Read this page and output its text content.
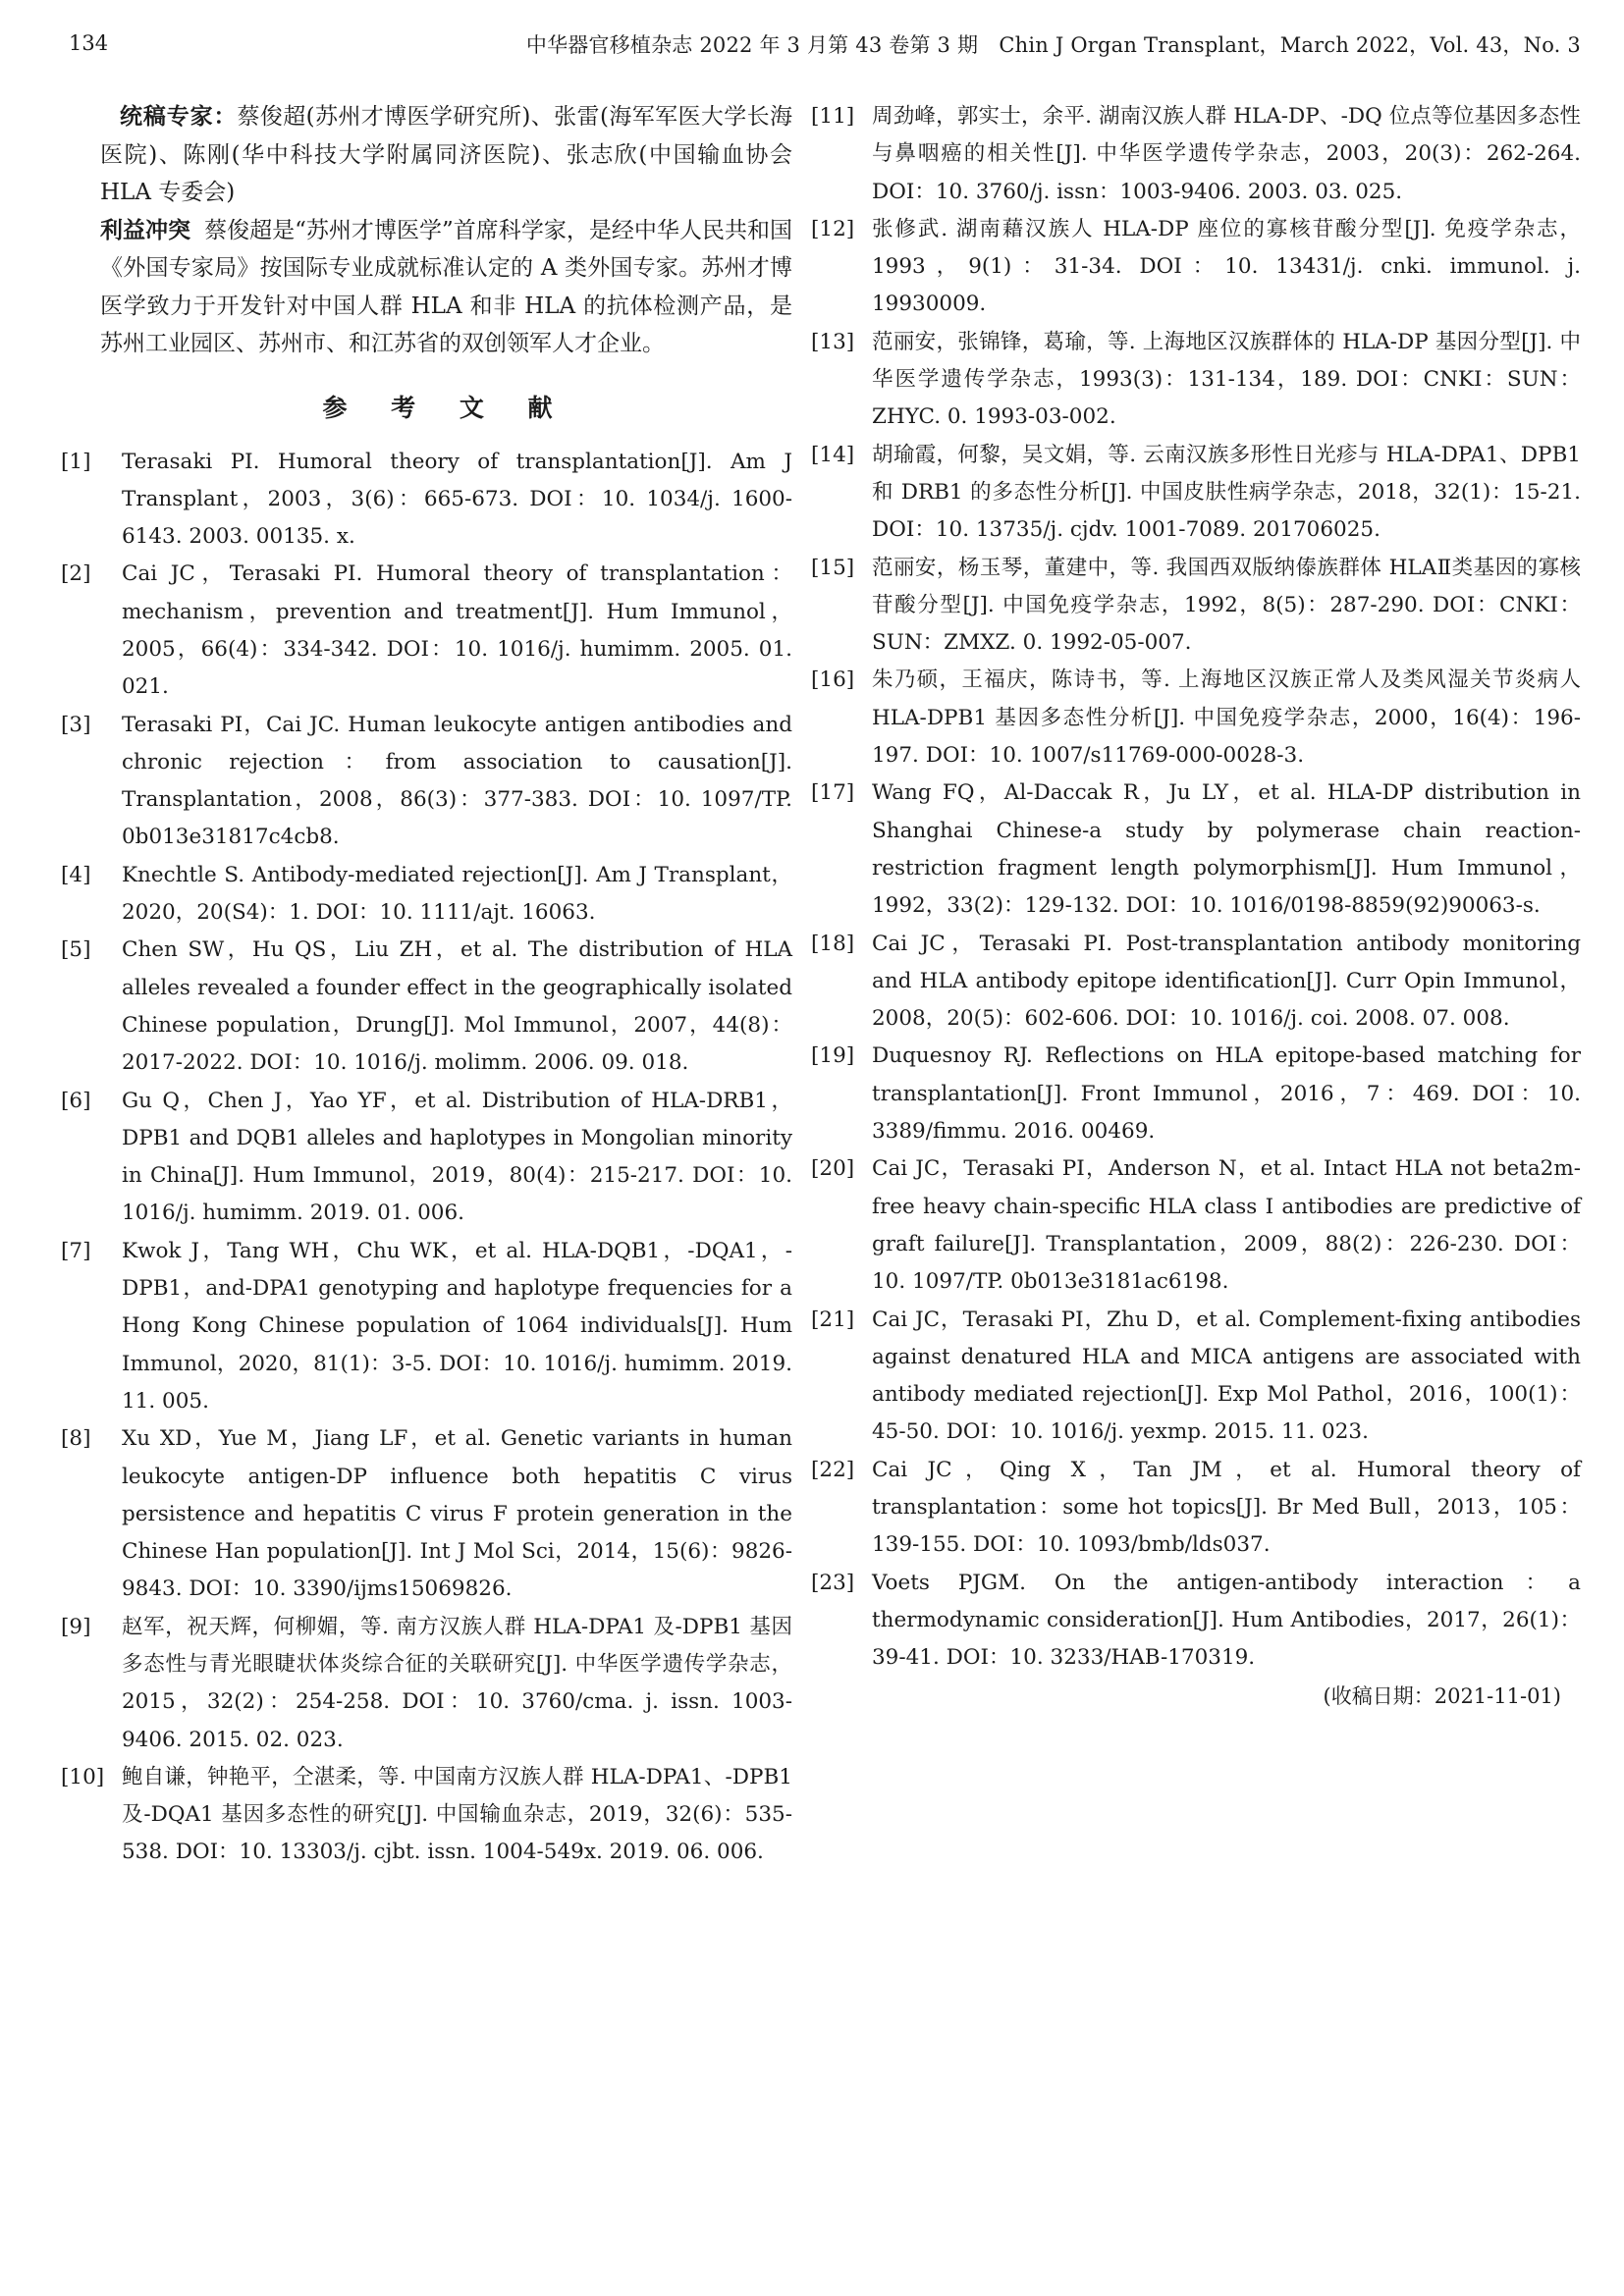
134	中华器官移植杂志 2022 年 3 月第 43 卷第 3 期　Chin J Organ Transplant，March 2022，Vol. 43，No. 3

统稿专家：蔡俊超(苏州才博医学研究所)、张雷(海军军医大学长海医院)、陈刚(华中科技大学附属同济医院)、张志欣(中国输血协会 HLA 专委会)

利益冲突 蔡俊超是“苏州才博医学”首席科学家，是经中华人民共和国《外国专家局》按国际专业成就标准认定的 A 类外国专家。苏州才博医学致力于开发针对中国人群 HLA 和非 HLA 的抗体检测产品，是苏州工业园区、苏州市、和江苏省的双创领军人才企业。

参 考 文 献
[1]	Terasaki PI. Humoral theory of transplantation[J]. Am J Transplant，2003，3(6)：665-673. DOI：10. 1034/j. 1600-6143. 2003. 00135. x.
[2]	Cai JC，Terasaki PI. Humoral theory of transplantation：mechanism，prevention and treatment[J]. Hum Immunol，2005，66(4)：334-342. DOI：10. 1016/j. humimm. 2005. 01. 021.
[3]	Terasaki PI，Cai JC. Human leukocyte antigen antibodies and chronic rejection：from association to causation[J]. Transplantation，2008，86(3)：377-383. DOI：10. 1097/TP. 0b013e31817c4cb8.
[4]	Knechtle S. Antibody-mediated rejection[J]. Am J Transplant，2020，20(S4)：1. DOI：10. 1111/ajt. 16063.
[5]	Chen SW，Hu QS，Liu ZH，et al. The distribution of HLA alleles revealed a founder effect in the geographically isolated Chinese population，Drung[J]. Mol Immunol，2007，44(8)：2017-2022. DOI：10. 1016/j. molimm. 2006. 09. 018.
[6]	Gu Q，Chen J，Yao YF，et al. Distribution of HLA-DRB1，DPB1 and DQB1 alleles and haplotypes in Mongolian minority in China[J]. Hum Immunol，2019，80(4)：215-217. DOI：10. 1016/j. humimm. 2019. 01. 006.
[7]	Kwok J，Tang WH，Chu WK，et al. HLA-DQB1，-DQA1，-DPB1，and-DPA1 genotyping and haplotype frequencies for a Hong Kong Chinese population of 1064 individuals[J]. Hum Immunol，2020，81(1)：3-5. DOI：10. 1016/j. humimm. 2019. 11. 005.
[8]	Xu XD，Yue M，Jiang LF，et al. Genetic variants in human leukocyte antigen-DP influence both hepatitis C virus persistence and hepatitis C virus F protein generation in the Chinese Han population[J]. Int J Mol Sci，2014，15(6)：9826-9843. DOI：10. 3390/ijms15069826.
[9]	赵军，祝天辉，何柳媚，等. 南方汉族人群 HLA-DPA1 及-DPB1 基因多态性与青光眼睫状体炎综合征的关联研究[J]. 中华医学遗传学杂志，2015，32(2)：254-258. DOI：10. 3760/cma. j. issn. 1003-9406. 2015. 02. 023.
[10] 鲍自谦，钟艳平，仝湛柔，等. 中国南方汉族人群 HLA-DPA1、-DPB1及-DQA1 基因多态性的研究[J]. 中国输血杂志，2019，32(6)：535-538. DOI：10. 13303/j. cjbt. issn. 1004-549x. 2019. 06. 006.
[11] 周劲峰，郭实士，余平. 湖南汉族人群 HLA-DP、-DQ 位点等位基因多态性与鼻咽癌的相关性[J]. 中华医学遗传学杂志，2003，20(3)：262-264. DOI：10. 3760/j. issn：1003-9406. 2003. 03. 025.
[12] 张修武. 湖南藉汉族人 HLA-DP 座位的寡核苷酸分型[J]. 免疫学杂志，1993，9(1)：31-34. DOI：10. 13431/j. cnki. immunol. j. 19930009.
[13] 范丽安，张锦锋，葛瑜，等. 上海地区汉族群体的 HLA-DP 基因分型[J]. 中华医学遗传学杂志，1993(3)：131-134，189. DOI：CNKI：SUN：ZHYC. 0. 1993-03-002.
[14] 胡瑜霞，何黎，吴文娟，等. 云南汉族多形性日光疹与 HLA-DPA1、DPB1 和 DRB1 的多态性分析[J]. 中国皮肤性病学杂志，2018，32(1)：15-21. DOI：10. 13735/j. cjdv. 1001-7089. 201706025.
[15] 范丽安，杨玉琴，董建中，等. 我国西双版纳傣族群体 HLAⅡ类基因的寡核苷酸分型[J]. 中国免疫学杂志，1992，8(5)：287-290. DOI：CNKI：SUN：ZMXZ. 0. 1992-05-007.
[16] 朱乃硕，王福庆，陈诗书，等. 上海地区汉族正常人及类风湿关节炎病人 HLA-DPB1 基因多态性分析[J]. 中国免疫学杂志，2000，16(4)：196-197. DOI：10. 1007/s11769-000-0028-3.
[17] Wang FQ，Al-Daccak R，Ju LY，et al. HLA-DP distribution in Shanghai Chinese-a study by polymerase chain reaction-restriction fragment length polymorphism[J]. Hum Immunol，1992，33(2)：129-132. DOI：10. 1016/0198-8859(92)90063-s.
[18] Cai JC，Terasaki PI. Post-transplantation antibody monitoring and HLA antibody epitope identification[J]. Curr Opin Immunol，2008，20(5)：602-606. DOI：10. 1016/j. coi. 2008. 07. 008.
[19] Duquesnoy RJ. Reflections on HLA epitope-based matching for transplantation[J]. Front Immunol，2016，7：469. DOI：10. 3389/fimmu. 2016. 00469.
[20] Cai JC，Terasaki PI，Anderson N，et al. Intact HLA not beta2m-free heavy chain-specific HLA class I antibodies are predictive of graft failure[J]. Transplantation，2009，88(2)：226-230. DOI：10. 1097/TP. 0b013e3181ac6198.
[21] Cai JC，Terasaki PI，Zhu D，et al. Complement-fixing antibodies against denatured HLA and MICA antigens are associated with antibody mediated rejection[J]. Exp Mol Pathol，2016，100(1)：45-50. DOI：10. 1016/j. yexmp. 2015. 11. 023.
[22] Cai JC，Qing X，Tan JM，et al. Humoral theory of transplantation：some hot topics[J]. Br Med Bull，2013，105：139-155. DOI：10. 1093/bmb/lds037.
[23] Voets PJGM. On the antigen-antibody interaction：a thermodynamic consideration[J]. Hum Antibodies，2017，26(1)：39-41. DOI：10. 3233/HAB-170319.
(收稿日期：2021-11-01)
